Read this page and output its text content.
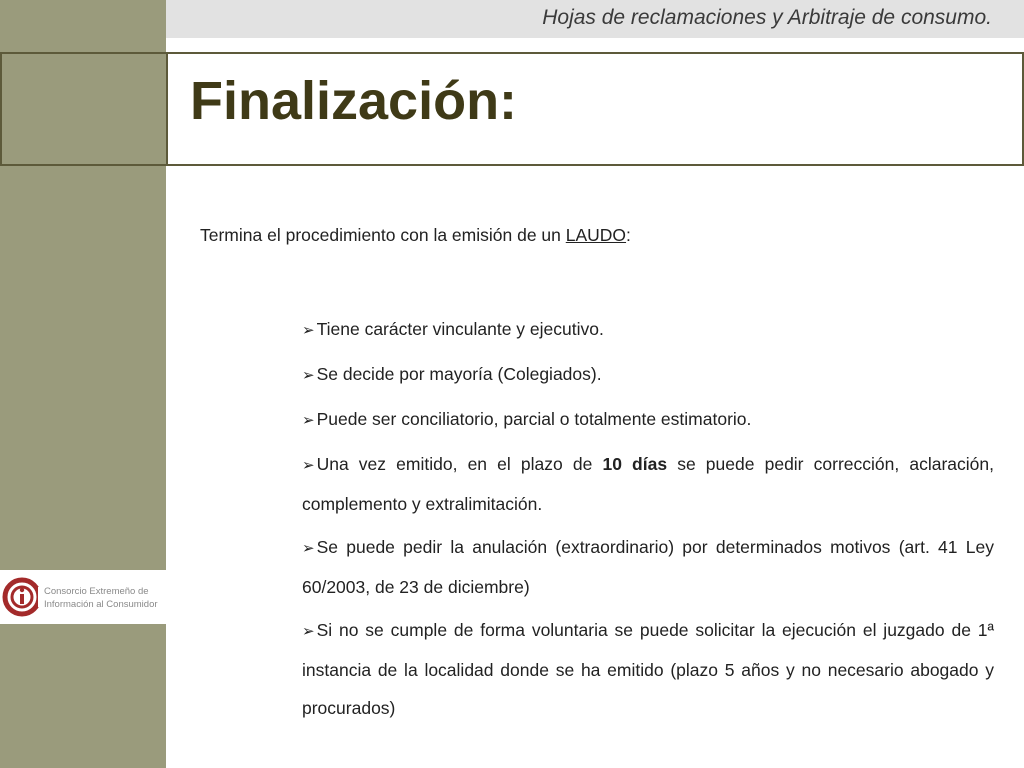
Hojas de reclamaciones y Arbitraje de consumo.
Finalización:
Termina el procedimiento con la emisión de un LAUDO:
➢ Tiene carácter vinculante y ejecutivo.
➢ Se decide por mayoría (Colegiados).
➢ Puede ser conciliatorio, parcial o totalmente estimatorio.
➢ Una vez emitido, en el plazo de 10 días se puede pedir corrección, aclaración, complemento y extralimitación.
➢ Se puede pedir la anulación (extraordinario) por determinados motivos (art. 41 Ley 60/2003, de 23 de diciembre)
➢ Si no se cumple de forma voluntaria se puede solicitar la ejecución el juzgado de 1ª instancia de la localidad donde se ha emitido (plazo 5 años y no necesario abogado y procurados)
Consorcio Extremeño de
Información al Consumidor
